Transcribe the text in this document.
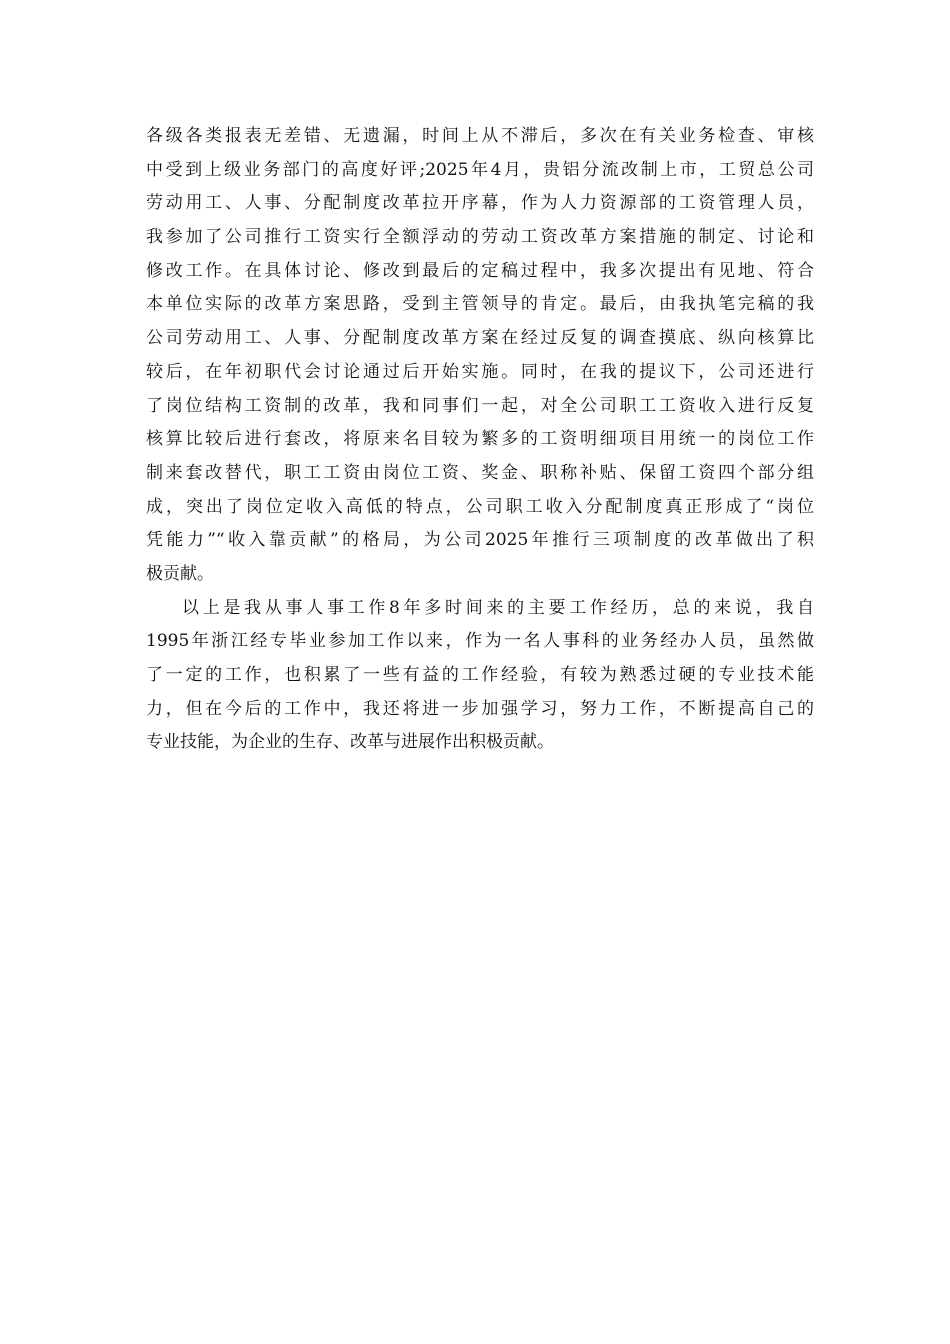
各级各类报表无差错、无遗漏，时间上从不滞后，多次在有关业务检查、审核
中受到上级业务部门的高度好评;2025年4月，贵铝分流改制上市，工贸总公司
劳动用工、人事、分配制度改革拉开序幕，作为人力资源部的工资管理人员，
我参加了公司推行工资实行全额浮动的劳动工资改革方案措施的制定、讨论和
修改工作。在具体讨论、修改到最后的定稿过程中，我多次提出有见地、符合
本单位实际的改革方案思路，受到主管领导的肯定。最后，由我执笔完稿的我
公司劳动用工、人事、分配制度改革方案在经过反复的调查摸底、纵向核算比
较后，在年初职代会讨论通过后开始实施。同时，在我的提议下，公司还进行
了岗位结构工资制的改革，我和同事们一起，对全公司职工工资收入进行反复
核算比较后进行套改，将原来名目较为繁多的工资明细项目用统一的岗位工作
制来套改替代，职工工资由岗位工资、奖金、职称补贴、保留工资四个部分组
成，突出了岗位定收入高低的特点，公司职工收入分配制度真正形成了“岗位
凭能力”“收入靠贡献”的格局，为公司2025年推行三项制度的改革做出了积
极贡献。
以上是我从事人事工作8年多时间来的主要工作经历，总的来说，我自
1995年浙江经专毕业参加工作以来，作为一名人事科的业务经办人员，虽然做
了一定的工作，也积累了一些有益的工作经验，有较为熟悉过硬的专业技术能
力，但在今后的工作中，我还将进一步加强学习，努力工作，不断提高自己的
专业技能，为企业的生存、改革与进展作出积极贡献。
